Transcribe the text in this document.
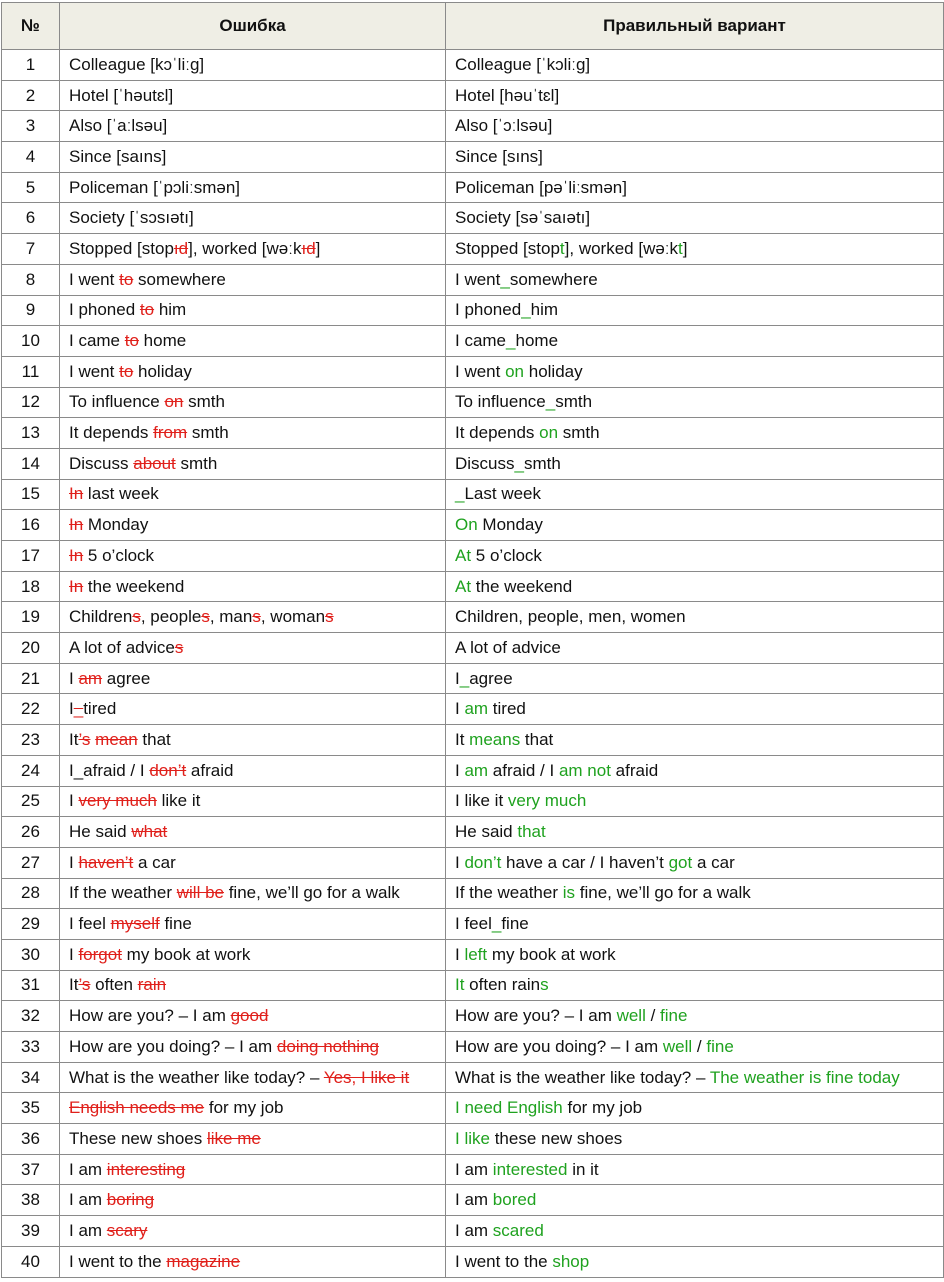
№	Ошибка	Правильный вариант
1	Colleague [kɔˈliːg]	Colleague [ˈkɔliːg]
2	Hotel [ˈhəutɛl]	Hotel [həuˈtɛl]
3	Also [ˈaːlsəu]	Also [ˈɔːlsəu]
4	Since [saıns]	Since [sıns]
5	Policeman [ˈpɔliːsmən]	Policeman [pəˈliːsmən]
6	Society [ˈsɔsıətı]	Society [səˈsaıətı]
7	Stopped [stopıd], worked [wəːkıd]	Stopped [stopt], worked [wəːkt]
8	I went to somewhere	I went_somewhere
9	I phoned to him	I phoned_him
10	I came to home	I came_home
11	I went to holiday	I went on holiday
12	To influence on smth	To influence_smth
13	It depends from smth	It depends on smth
14	Discuss about smth	Discuss_smth
15	In last week	_Last week
16	In Monday	On Monday
17	In 5 o’clock	At 5 o’clock
18	In the weekend	At the weekend
19	Childrens, peoples, mans, womans	Children, people, men, women
20	A lot of advices	A lot of advice
21	I am agree	I_agree
22	I_tired	I am tired
23	It’s mean that	It means that
24	I_afraid / I don’t afraid	I am afraid / I am not afraid
25	I very much like it	I like it very much
26	He said what	He said that
27	I haven’t a car	I don’t have a car / I haven’t got a car
28	If the weather will be fine, we’ll go for a walk	If the weather is fine, we’ll go for a walk
29	I feel myself fine	I feel_fine
30	I forgot my book at work	I left my book at work
31	It’s often rain	It often rains
32	How are you? – I am good	How are you? – I am well / fine
33	How are you doing? – I am doing nothing	How are you doing? – I am well / fine
34	What is the weather like today? – Yes, I like it	What is the weather like today? – The weather is fine today
35	English needs me for my job	I need English for my job
36	These new shoes like me	I like these new shoes
37	I am interesting	I am interested in it
38	I am boring	I am bored
39	I am scary	I am scared
40	I went to the magazine	I went to the shop
